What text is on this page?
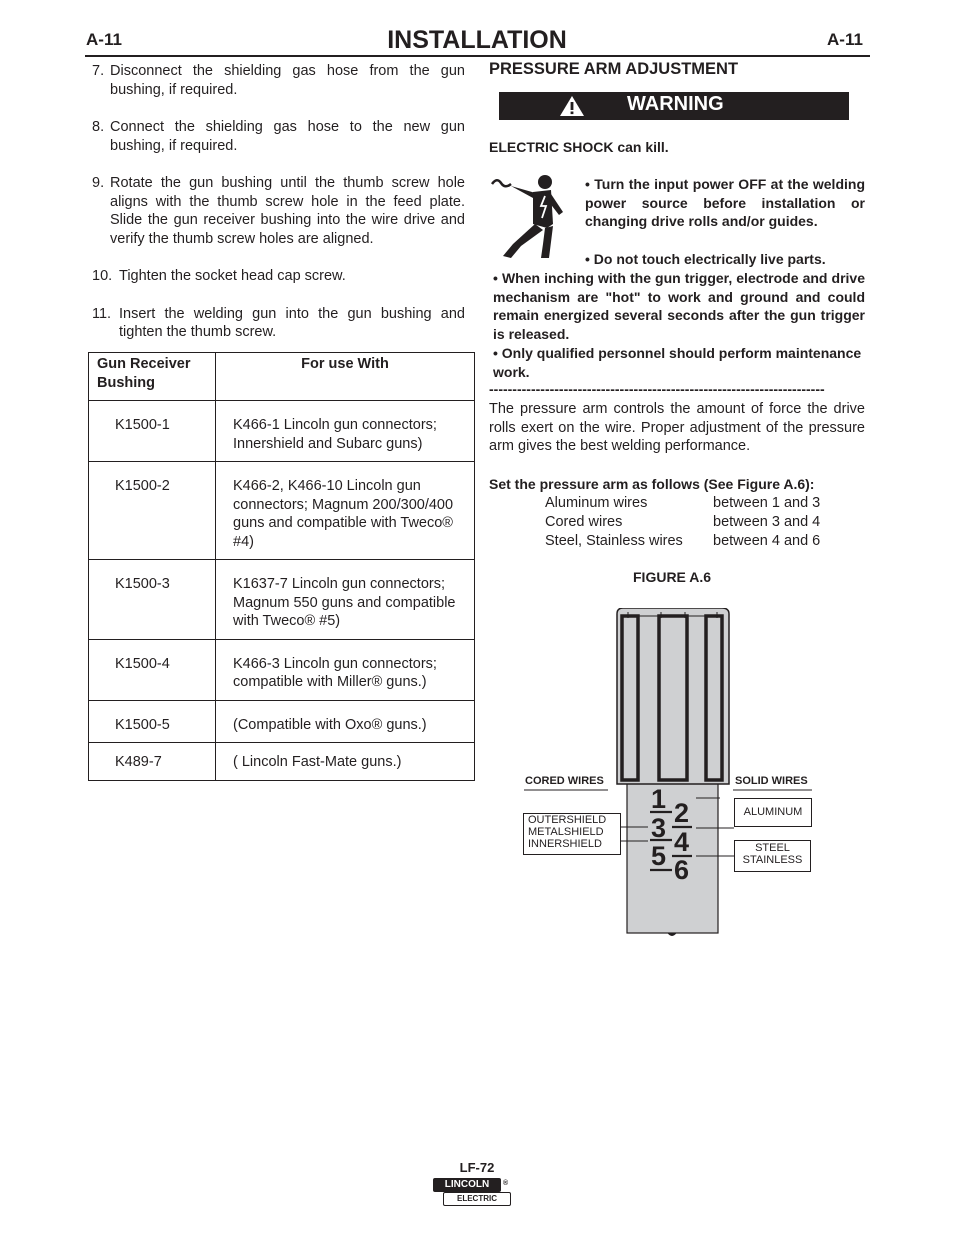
A-11	INSTALLATION	A-11
7. Disconnect the shielding gas hose from the gun bushing, if required.
8. Connect the shielding gas hose to the new gun bushing, if required.
9. Rotate the gun bushing until the thumb screw hole aligns with the thumb screw hole in the feed plate. Slide the gun receiver bushing into the wire drive and verify the thumb screw holes are aligned.
10. Tighten the socket head cap screw.
11. Insert the welding gun into the gun bushing and tighten the thumb screw.
Gun Receiver Bushing	For use With
K1500-1	K466-1 Lincoln gun connectors; Innershield and Subarc guns)
K1500-2	K466-2, K466-10 Lincoln gun connectors; Magnum 200/300/400 guns and compatible with Tweco® #4)
K1500-3	K1637-7 Lincoln gun connectors; Magnum 550 guns and compatible with Tweco® #5)
K1500-4	K466-3 Lincoln gun connectors; compatible with Miller® guns.)
K1500-5	(Compatible with Oxo® guns.)
K489-7	( Lincoln Fast-Mate guns.)
PRESSURE ARM ADJUSTMENT
WARNING
ELECTRIC SHOCK can kill.
• Turn the input power OFF at the welding power source before installation or changing drive rolls and/or guides.
• Do not touch electrically live parts.
• When inching with the gun trigger, electrode and drive mechanism are "hot" to work and ground and could remain energized several seconds after the gun trigger is released.
• Only qualified personnel should perform maintenance work.
------------------------------------------------------------------------
The pressure arm controls the amount of force the drive rolls exert on the wire. Proper adjustment of the pressure arm gives the best welding performance.
Set the pressure arm as follows (See Figure A.6):
Aluminum wires	between 1 and 3
Cored wires	between 3 and 4
Steel, Stainless wires	between 4 and 6
FIGURE A.6
CORED WIRES	SOLID WIRES
OUTERSHIELD
METALSHIELD
INNERSHIELD
ALUMINUM
STEEL
STAINLESS
1 2
3 4
5 6
LF-72
LINCOLN	®
ELECTRIC
